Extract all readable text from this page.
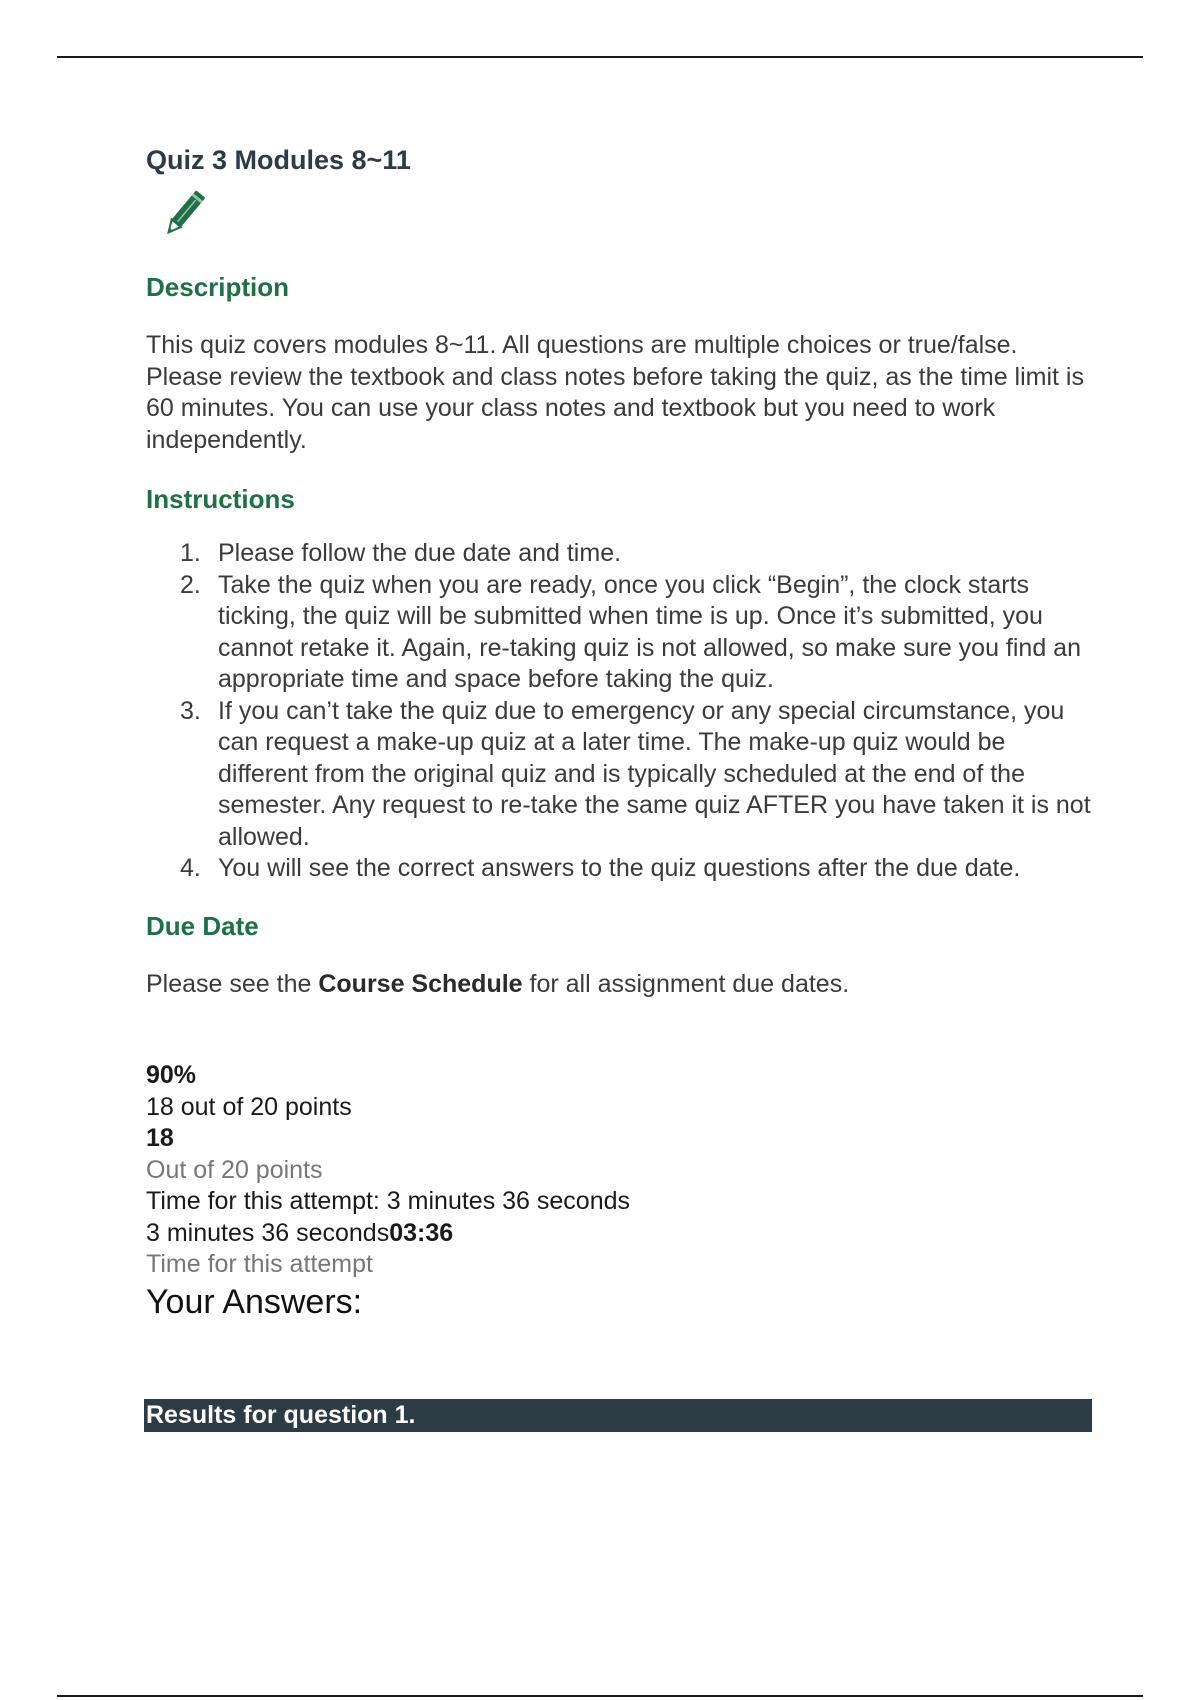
Quiz 3 Modules 8~11
Description
This quiz covers modules 8~11. All questions are multiple choices or true/false. Please review the textbook and class notes before taking the quiz, as the time limit is 60 minutes. You can use your class notes and textbook but you need to work independently.
Instructions
1. Please follow the due date and time.
2. Take the quiz when you are ready, once you click “Begin”, the clock starts ticking, the quiz will be submitted when time is up. Once it’s submitted, you cannot retake it. Again, re-taking quiz is not allowed, so make sure you find an appropriate time and space before taking the quiz.
3. If you can’t take the quiz due to emergency or any special circumstance, you can request a make-up quiz at a later time. The make-up quiz would be different from the original quiz and is typically scheduled at the end of the semester. Any request to re-take the same quiz AFTER you have taken it is not allowed.
4. You will see the correct answers to the quiz questions after the due date.
Due Date
Please see the Course Schedule for all assignment due dates.
90%
18 out of 20 points
18
Out of 20 points
Time for this attempt: 3 minutes 36 seconds
3 minutes 36 seconds03:36
Time for this attempt
Your Answers:
Results for question 1.
